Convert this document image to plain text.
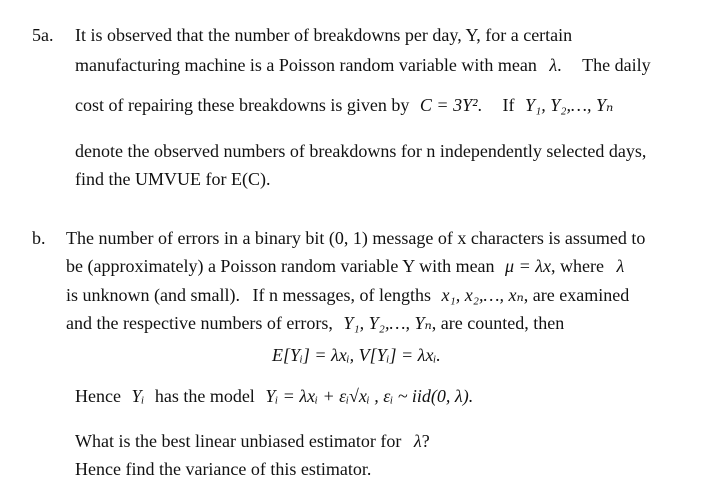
5a. It is observed that the number of breakdowns per day, Y, for a certain
manufacturing machine is a Poisson random variable with mean λ. The daily
cost of repairing these breakdowns is given by C = 3Y². If Y₁, Y₂,…, Yₙ
denote the observed numbers of breakdowns for n independently selected days,
find the UMVUE for E(C).
b. The number of errors in a binary bit (0, 1) message of x characters is assumed to
be (approximately) a Poisson random variable Y with mean μ = λx, where λ
is unknown (and small). If n messages, of lengths x₁, x₂,…, xₙ, are examined
and the respective numbers of errors, Y₁, Y₂,…, Yₙ, are counted, then
E[Yᵢ] = λxᵢ, V[Yᵢ] = λxᵢ.
Hence Yᵢ has the model Yᵢ = λxᵢ + εᵢ√xᵢ , εᵢ ~ iid(0, λ).
What is the best linear unbiased estimator for λ?
Hence find the variance of this estimator.
